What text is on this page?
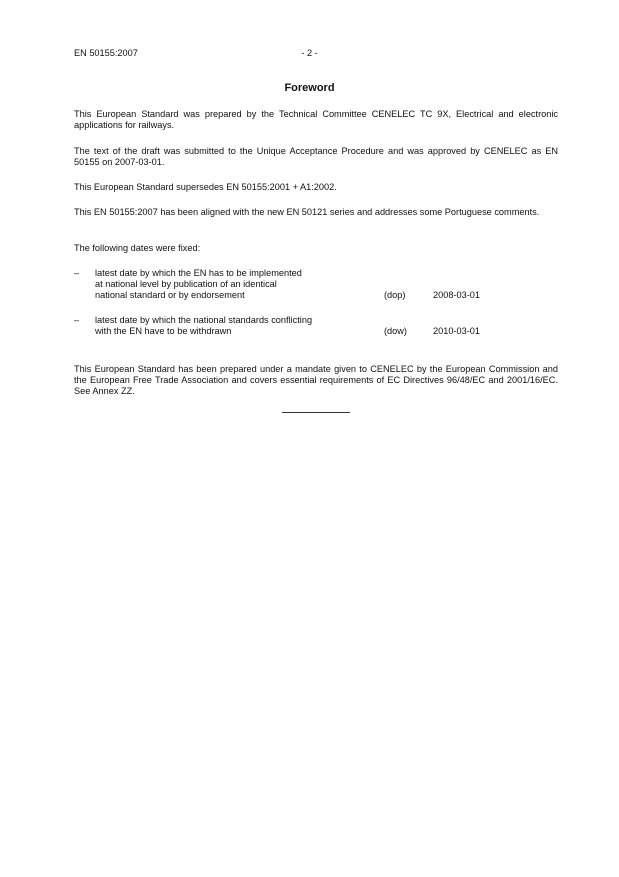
EN 50155:2007	- 2 -
Foreword

This European Standard was prepared by the Technical Committee CENELEC TC 9X, Electrical and electronic applications for railways.

The text of the draft was submitted to the Unique Acceptance Procedure and was approved by CENELEC as EN 50155 on 2007-03-01.

This European Standard supersedes EN 50155:2001 + A1:2002.

This EN 50155:2007 has been aligned with the new EN 50121 series and addresses some Portuguese comments.

The following dates were fixed:

– latest date by which the EN has to be implemented
at national level by publication of an identical
national standard or by endorsement	(dop)	2008-03-01
– latest date by which the national standards conflicting
with the EN have to be withdrawn	(dow)	2010-03-01

This European Standard has been prepared under a mandate given to CENELEC by the European Commission and the European Free Trade Association and covers essential requirements of EC Directives 96/48/EC and 2001/16/EC. See Annex ZZ.
